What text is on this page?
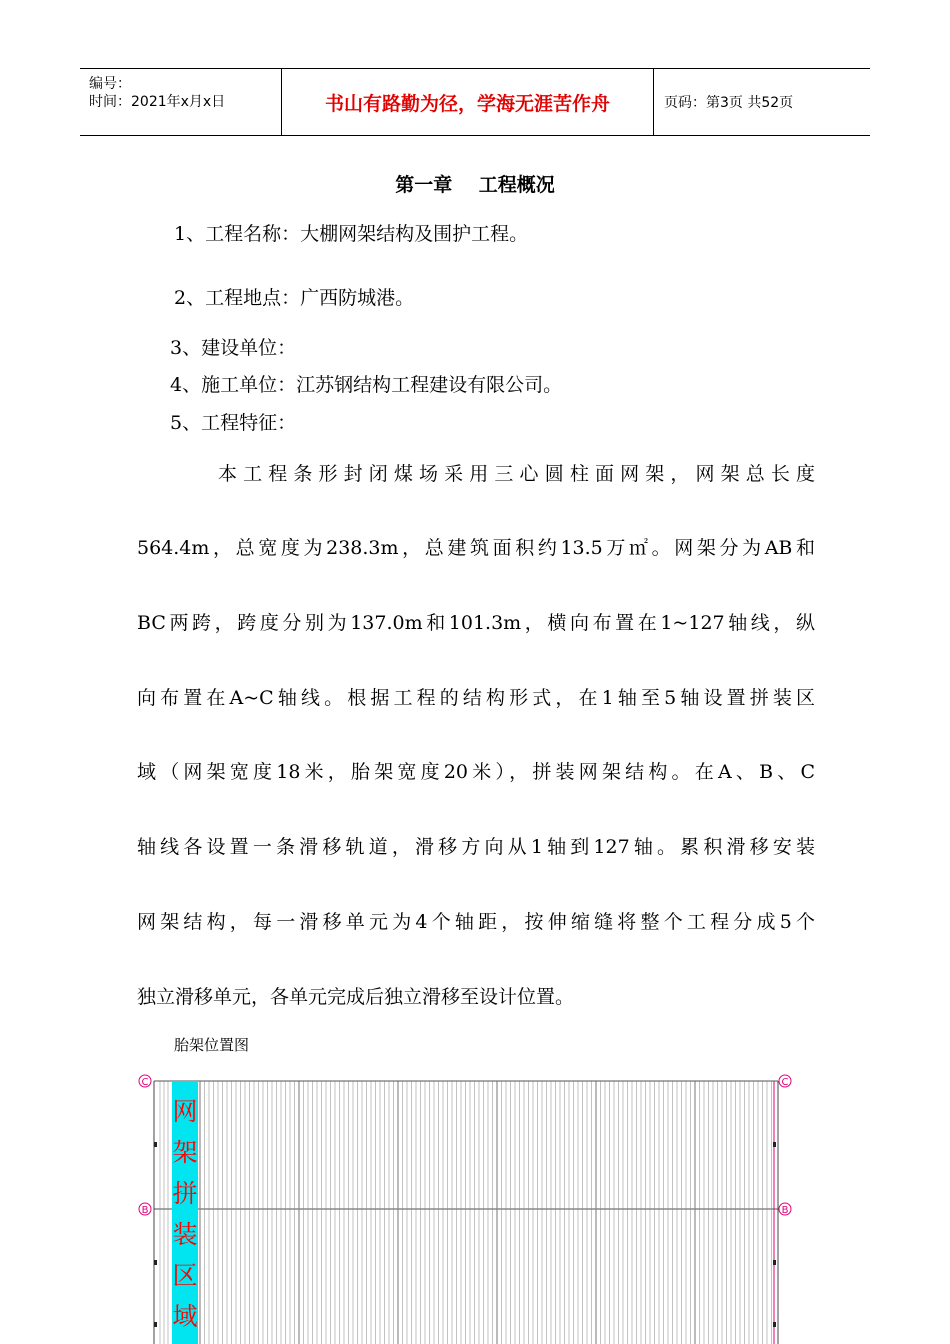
编号：
时间：2021年x月x日	书山有路勤为径，学海无涯苦作舟	页码：第3页 共52页
第一章    工程概况
1、工程名称：大棚网架结构及围护工程。
2、工程地点：广西防城港。
3、建设单位：
4、施工单位：江苏钢结构工程建设有限公司。
5、工程特征：
本工程条形封闭煤场采用三心圆柱面网架，网架总长度
564.4m，总宽度为238.3m，总建筑面积约13.5万㎡。网架分为AB和
BC两跨，跨度分别为137.0m和101.3m，横向布置在1~127轴线，纵
向布置在A~C轴线。根据工程的结构形式，在1轴至5轴设置拼装区
域（网架宽度18米，胎架宽度20米），拼装网架结构。在A、B、C
轴线各设置一条滑移轨道，滑移方向从1轴到127轴。累积滑移安装
网架结构，每一滑移单元为4个轴距，按伸缩缝将整个工程分成5个
独立滑移单元，各单元完成后独立滑移至设计位置。
胎架位置图
网架拼装区域
C
B
C
B
